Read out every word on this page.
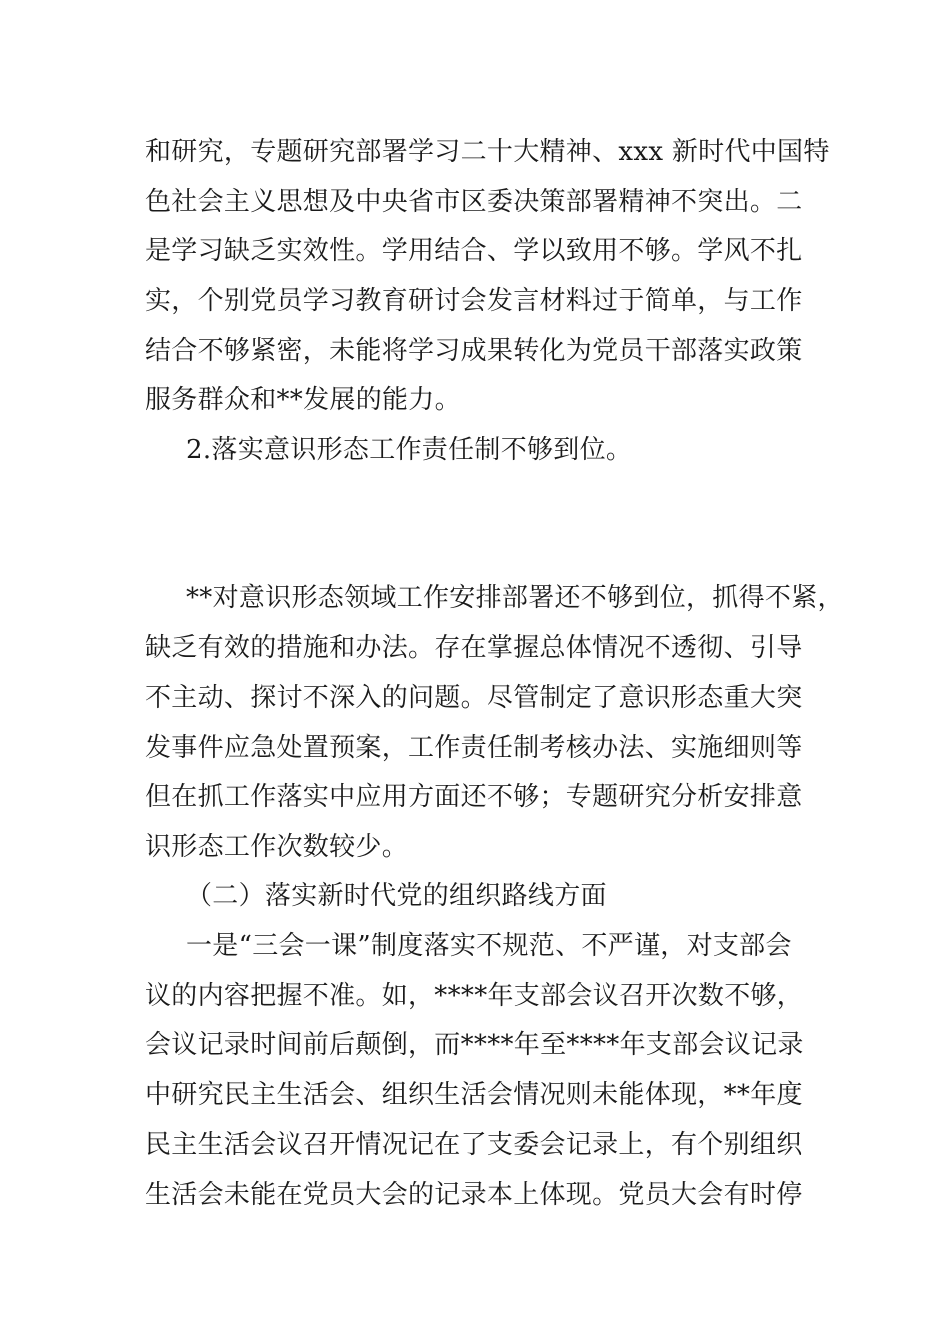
和研究，专题研究部署学习二十大精神、xxx 新时代中国特

色社会主义思想及中央省市区委决策部署精神不突出。二

是学习缺乏实效性。学用结合、学以致用不够。学风不扎

实，个别党员学习教育研讨会发言材料过于简单，与工作

结合不够紧密，未能将学习成果转化为党员干部落实政策

服务群众和**发展的能力。

2.落实意识形态工作责任制不够到位。

**对意识形态领域工作安排部署还不够到位，抓得不紧，

缺乏有效的措施和办法。存在掌握总体情况不透彻、引导

不主动、探讨不深入的问题。尽管制定了意识形态重大突

发事件应急处置预案，工作责任制考核办法、实施细则等

但在抓工作落实中应用方面还不够；专题研究分析安排意

识形态工作次数较少。

（二）落实新时代党的组织路线方面

一是“三会一课”制度落实不规范、不严谨，对支部会

议的内容把握不准。如，****年支部会议召开次数不够，

会议记录时间前后颠倒，而****年至****年支部会议记录

中研究民主生活会、组织生活会情况则未能体现，**年度

民主生活会议召开情况记在了支委会记录上，有个别组织

生活会未能在党员大会的记录本上体现。党员大会有时停
